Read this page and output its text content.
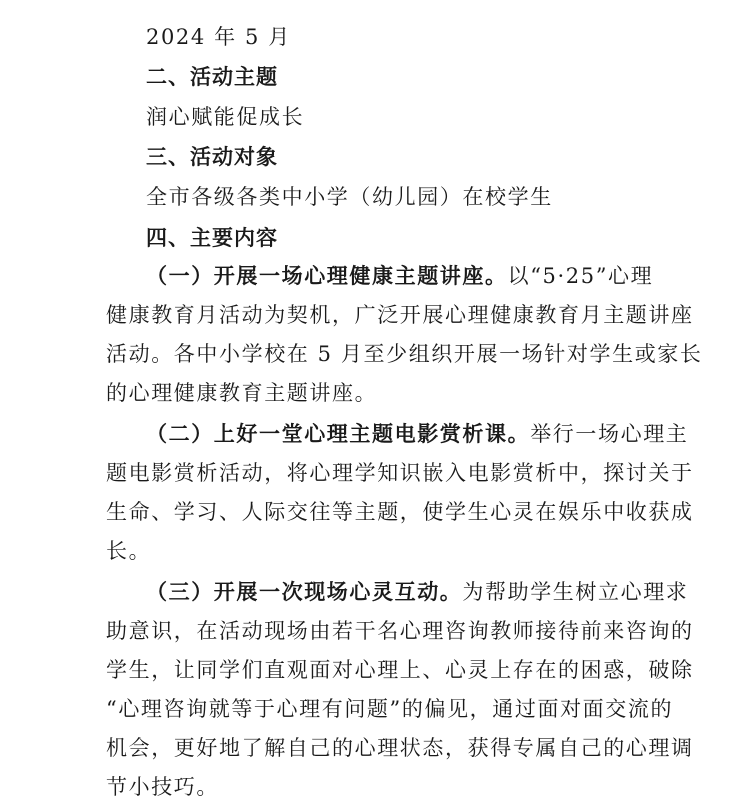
2024 年 5 月
二、活动主题
润心赋能促成长
三、活动对象
全市各级各类中小学（幼儿园）在校学生
四、主要内容
（一）开展一场心理健康主题讲座。以“5·25”心理
健康教育月活动为契机，广泛开展心理健康教育月主题讲座
活动。各中小学校在 5 月至少组织开展一场针对学生或家长
的心理健康教育主题讲座。
（二）上好一堂心理主题电影赏析课。举行一场心理主
题电影赏析活动，将心理学知识嵌入电影赏析中，探讨关于
生命、学习、人际交往等主题，使学生心灵在娱乐中收获成
长。
（三）开展一次现场心灵互动。为帮助学生树立心理求
助意识，在活动现场由若干名心理咨询教师接待前来咨询的
学生，让同学们直观面对心理上、心灵上存在的困惑，破除
“心理咨询就等于心理有问题”的偏见，通过面对面交流的
机会，更好地了解自己的心理状态，获得专属自己的心理调
节小技巧。
